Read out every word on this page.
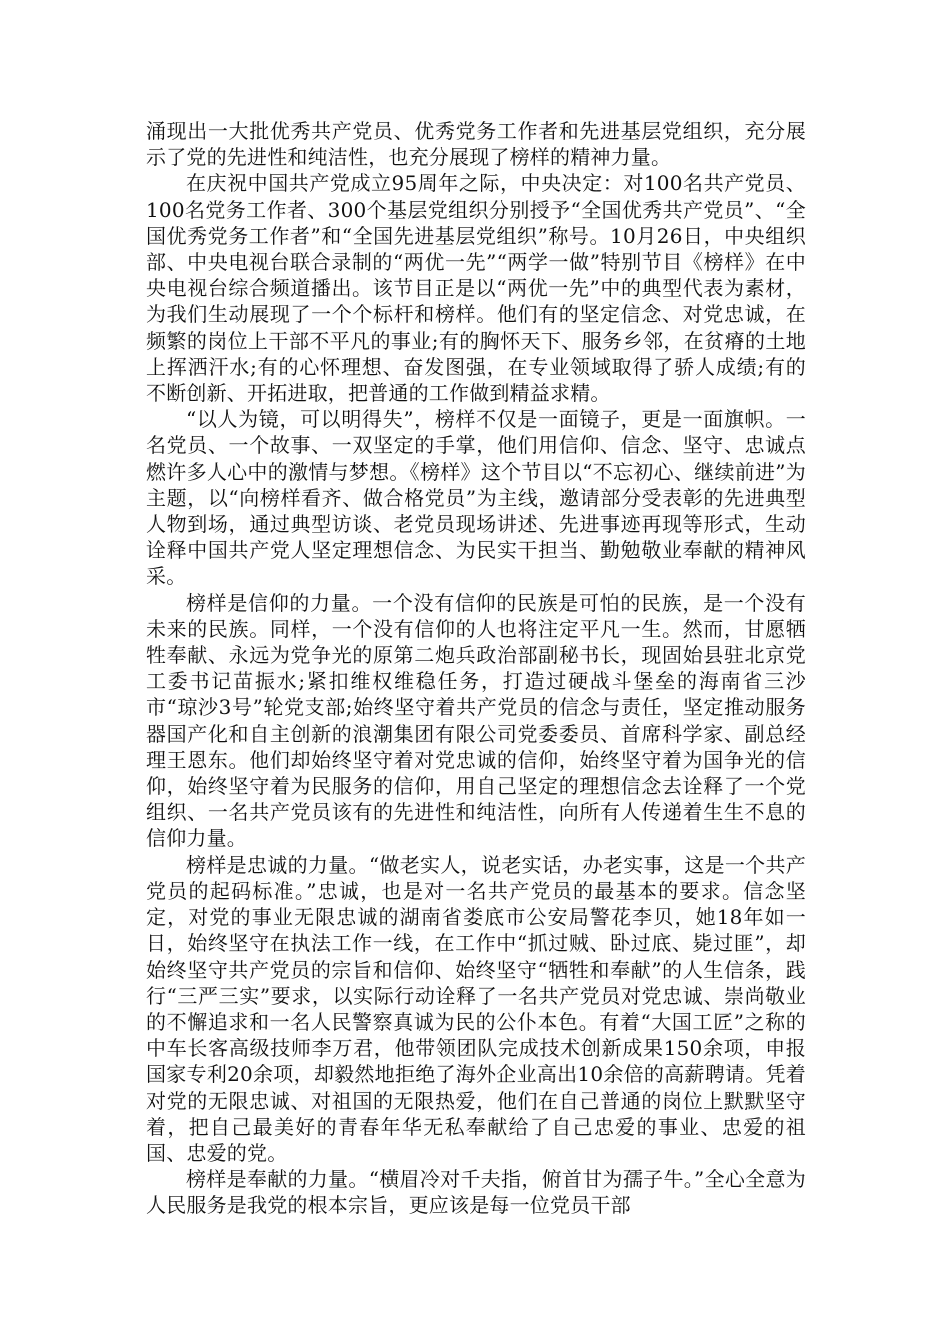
涌现出一大批优秀共产党员、优秀党务工作者和先进基层党组织，充分展示了党的先进性和纯洁性，也充分展现了榜样的精神力量。

在庆祝中国共产党成立95周年之际，中央决定：对100名共产党员、100名党务工作者、300个基层党组织分别授予“全国优秀共产党员”、“全国优秀党务工作者”和“全国先进基层党组织”称号。10月26日，中央组织部、中央电视台联合录制的“两优一先”“两学一做”特别节目《榜样》在中央电视台综合频道播出。该节目正是以“两优一先”中的典型代表为素材，为我们生动展现了一个个标杆和榜样。他们有的坚定信念、对党忠诚，在频繁的岗位上干部不平凡的事业;有的胸怀天下、服务乡邻，在贫瘠的土地上挥洒汗水;有的心怀理想、奋发图强，在专业领域取得了骄人成绩;有的不断创新、开拓进取，把普通的工作做到精益求精。

“以人为镜，可以明得失”，榜样不仅是一面镜子，更是一面旗帜。一名党员、一个故事、一双坚定的手掌，他们用信仰、信念、坚守、忠诚点燃许多人心中的激情与梦想。《榜样》这个节目以“不忘初心、继续前进”为主题，以“向榜样看齐、做合格党员”为主线，邀请部分受表彰的先进典型人物到场，通过典型访谈、老党员现场讲述、先进事迹再现等形式，生动诠释中国共产党人坚定理想信念、为民实干担当、勤勉敬业奉献的精神风采。

榜样是信仰的力量。一个没有信仰的民族是可怕的民族，是一个没有未来的民族。同样，一个没有信仰的人也将注定平凡一生。然而，甘愿牺牲奉献、永远为党争光的原第二炮兵政治部副秘书长，现固始县驻北京党工委书记苗振水;紧扣维权维稳任务，打造过硬战斗堡垒的海南省三沙市“琼沙3号”轮党支部;始终坚守着共产党员的信念与责任，坚定推动服务器国产化和自主创新的浪潮集团有限公司党委委员、首席科学家、副总经理王恩东。他们却始终坚守着对党忠诚的信仰，始终坚守着为国争光的信仰，始终坚守着为民服务的信仰，用自己坚定的理想信念去诠释了一个党组织、一名共产党员该有的先进性和纯洁性，向所有人传递着生生不息的信仰力量。

榜样是忠诚的力量。“做老实人，说老实话，办老实事，这是一个共产党员的起码标准。”忠诚，也是对一名共产党员的最基本的要求。信念坚定，对党的事业无限忠诚的湖南省娄底市公安局警花李贝，她18年如一日，始终坚守在执法工作一线，在工作中“抓过贼、卧过底、毙过匪”，却始终坚守共产党员的宗旨和信仰、始终坚守“牺牲和奉献”的人生信条，践行“三严三实”要求，以实际行动诠释了一名共产党员对党忠诚、崇尚敬业的不懈追求和一名人民警察真诚为民的公仆本色。有着“大国工匠”之称的中车长客高级技师李万君，他带领团队完成技术创新成果150余项，申报国家专利20余项，却毅然地拒绝了海外企业高出10余倍的高薪聘请。凭着对党的无限忠诚、对祖国的无限热爱，他们在自己普通的岗位上默默坚守着，把自己最美好的青春年华无私奉献给了自己忠爱的事业、忠爱的祖国、忠爱的党。

榜样是奉献的力量。“横眉冷对千夫指，俯首甘为孺子牛。”全心全意为人民服务是我党的根本宗旨，更应该是每一位党员干部
